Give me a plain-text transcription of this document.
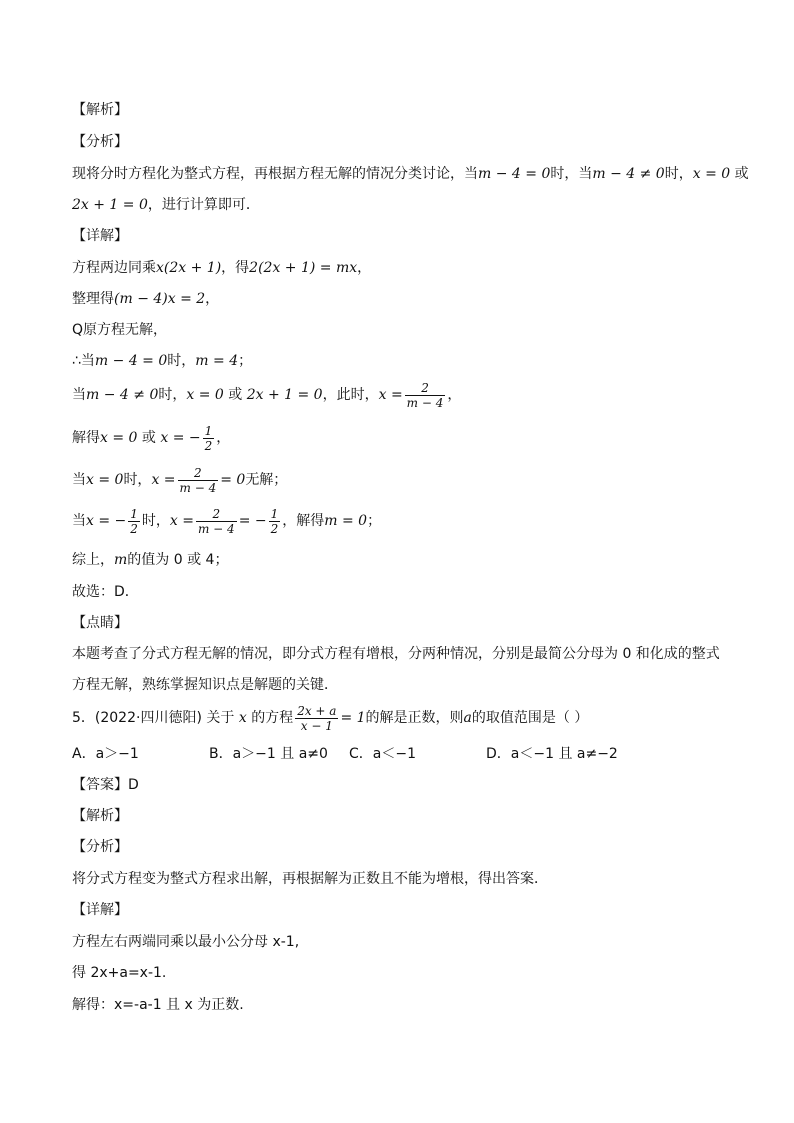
【解析】
【分析】
现将分时方程化为整式方程，再根据方程无解的情况分类讨论，当m − 4 = 0时，当m − 4 ≠ 0时，x = 0 或
2x + 1 = 0，进行计算即可．
【详解】
方程两边同乘x(2x + 1)，得2(2x + 1) = mx，
整理得(m − 4)x = 2，
Q原方程无解，
∴当m − 4 = 0时，m = 4；
当m − 4 ≠ 0时，x = 0 或 2x + 1 = 0，此时，$x = \frac{2}{m - 4}$ ，
解得x = 0 或 x = − $\frac{1}{2}$ ，
当x = 0时，$x = \frac{2}{m - 4} = 0$无解；
当x = − $\frac{1}{2}$ 时，$x = \frac{2}{m - 4}$ = − $\frac{1}{2}$ ，解得m = 0；
综上，m的值为 0 或 4；
故选：D．
【点睛】
本题考查了分式方程无解的情况，即分式方程有增根，分两种情况，分别是最简公分母为 0 和化成的整式
方程无解，熟练掌握知识点是解题的关键．
5．(2022·四川德阳) 关于 x 的方程 $\frac{2x + a}{x - 1} = 1$的解是正数，则a的取值范围是（ ）
A．a＞−1	B．a＞−1 且 a≠0 C．a＜−1	D．a＜−1 且 a≠−2
【答案】D
【解析】
【分析】
将分式方程变为整式方程求出解，再根据解为正数且不能为增根，得出答案．
【详解】
方程左右两端同乘以最小公分母 x-1,
得 2x+a=x-1.
解得：x=-a-1 且 x 为正数.
